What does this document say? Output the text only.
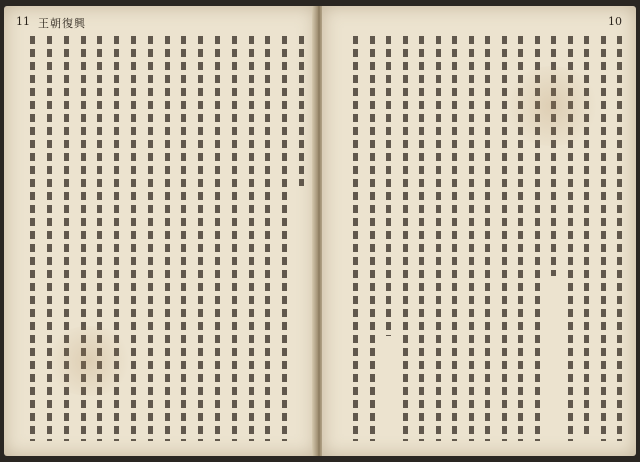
11 王朝復興	10
